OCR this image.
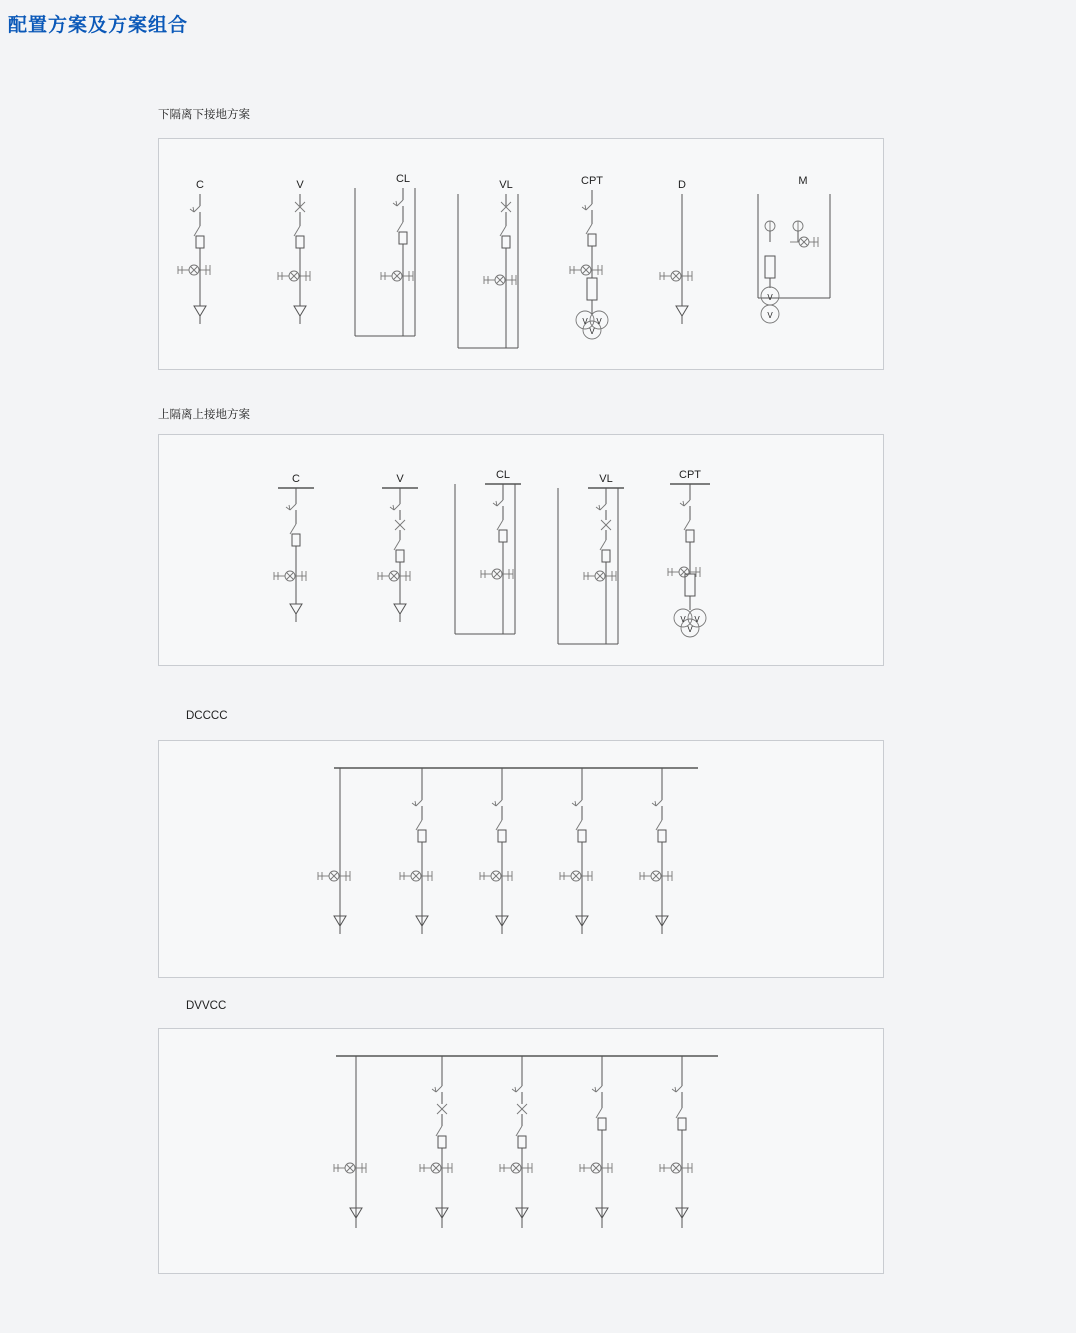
配置方案及方案组合
下隔离下接地方案
C	V	CL	VL	CPT
V V
V
D	M
V
V
上隔离上接地方案
C	V	CL	VL	CPT
V V
V
DCCCC
DVVCC
